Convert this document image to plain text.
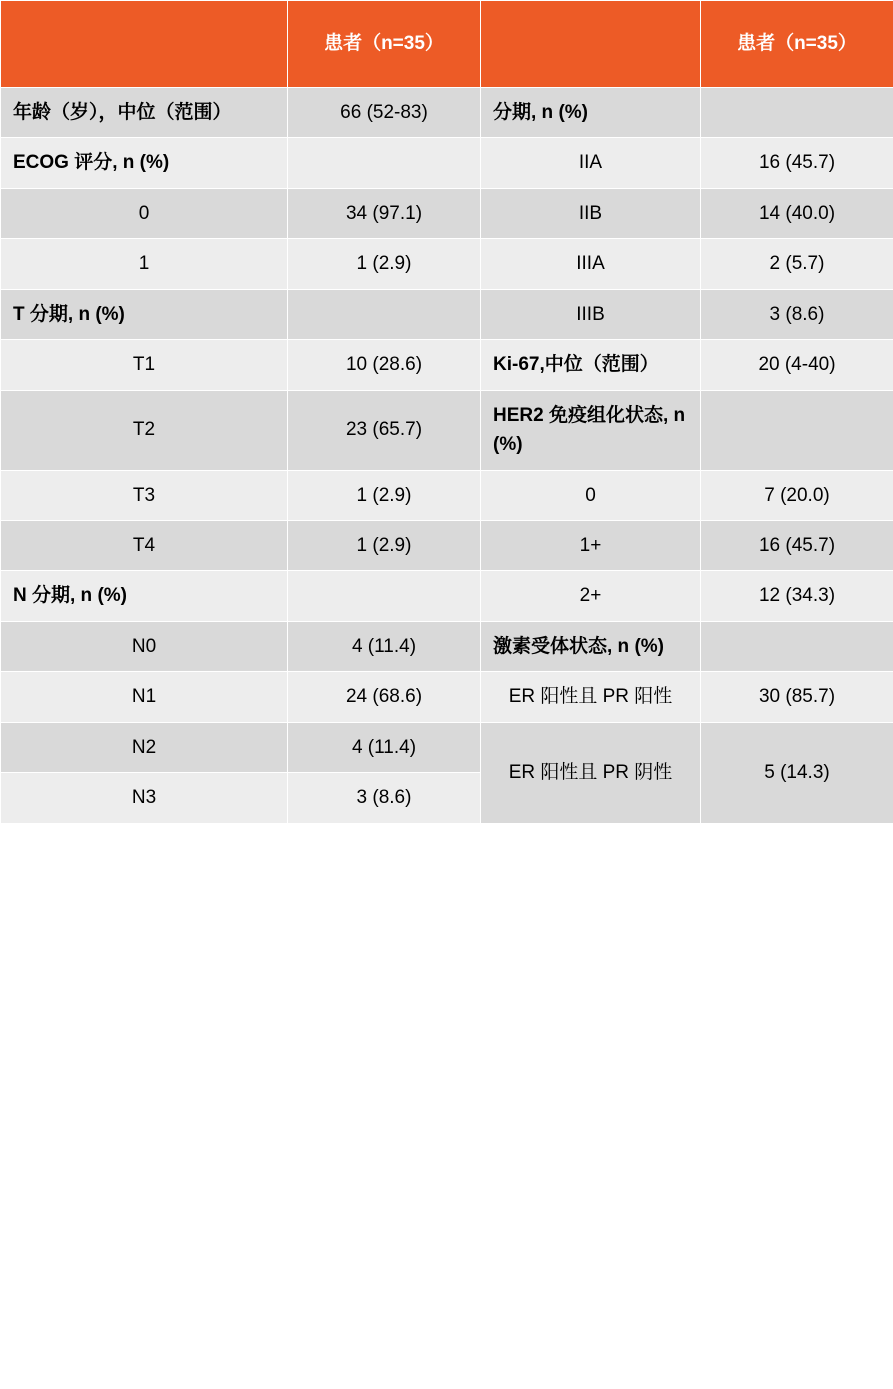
	患者（n=35）		患者（n=35）
年龄（岁），中位（范围）	66 (52-83)	分期, n (%)	
ECOG 评分, n (%)		IIA	16 (45.7)
0	34 (97.1)	IIB	14 (40.0)
1	1 (2.9)	IIIA	2 (5.7)
T 分期, n (%)		IIIB	3 (8.6)
T1	10 (28.6)	Ki-67,中位（范围）	20 (4-40)
T2	23 (65.7)	HER2 免疫组化状态, n (%)	
T3	1 (2.9)	0	7 (20.0)
T4	1 (2.9)	1+	16 (45.7)
N 分期, n (%)		2+	12 (34.3)
N0	4 (11.4)	激素受体状态, n (%)	
N1	24 (68.6)	ER 阳性且 PR 阳性	30 (85.7)
N2	4 (11.4)	ER 阳性且 PR 阴性	5 (14.3)
N3	3 (8.6)		
